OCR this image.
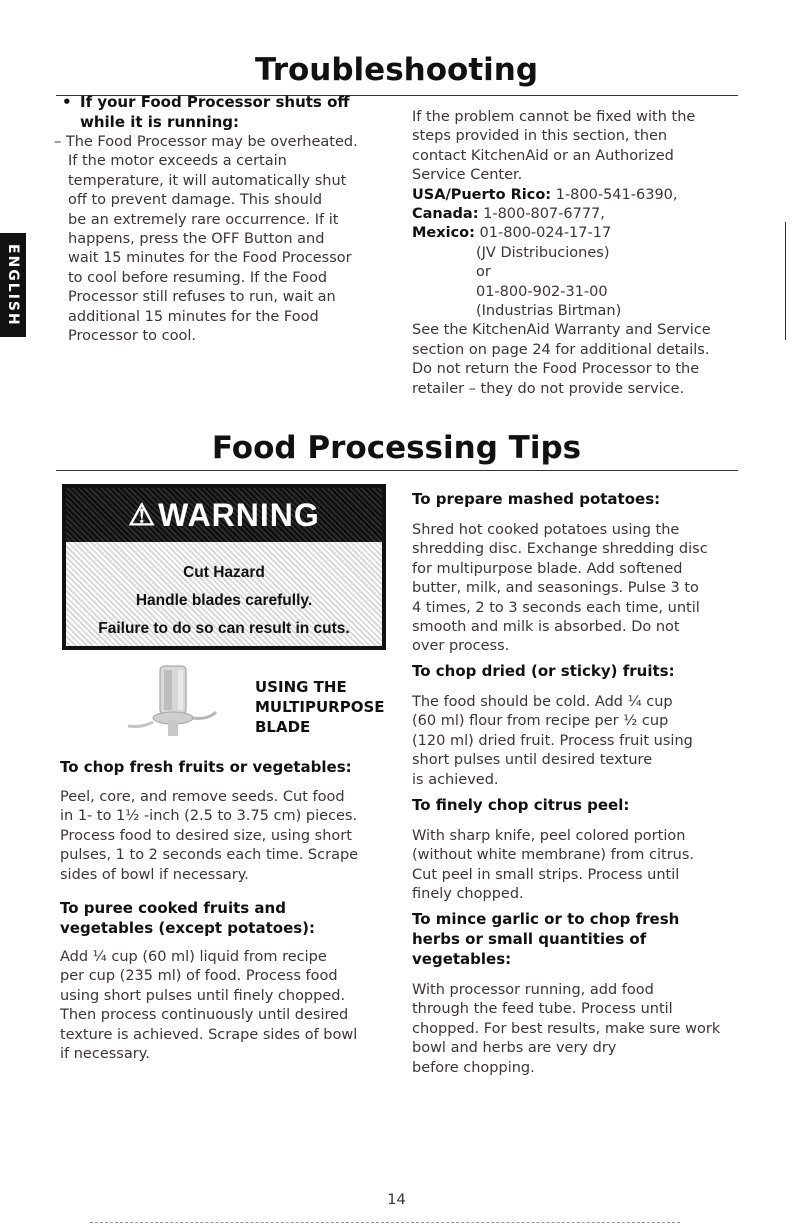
Troubleshooting
ENGLISH
• If your Food Processor shuts off

while it is running:

– The Food Processor may be overheated.

If the motor exceeds a certain

temperature, it will automatically shut

off to prevent damage. This should

be an extremely rare occurrence. If it

happens, press the OFF Button and

wait 15 minutes for the Food Processor

to cool before resuming. If the Food

Processor still refuses to run, wait an

additional 15 minutes for the Food

Processor to cool.

If the problem cannot be fixed with the

steps provided in this section, then

contact KitchenAid or an Authorized

Service Center.

USA/Puerto Rico: 1-800-541-6390,

Canada: 1-800-807-6777,

Mexico: 01-800-024-17-17

(JV Distribuciones)

or

01-800-902-31-00

(Industrias Birtman)

See the KitchenAid Warranty and Service

section on page 24 for additional details.

Do not return the Food Processor to the

retailer – they do not provide service.

Food Processing Tips
⚠ WARNING
Cut Hazard
Handle blades carefully.
Failure to do so can result in cuts.

USING THE

MULTIPURPOSE

BLADE

To chop fresh fruits or vegetables:

Peel, core, and remove seeds. Cut food

in 1- to 1½ -inch (2.5 to 3.75 cm) pieces.

Process food to desired size, using short

pulses, 1 to 2 seconds each time. Scrape

sides of bowl if necessary.

To puree cooked fruits and

vegetables (except potatoes):

Add ¼ cup (60 ml) liquid from recipe

per cup (235 ml) of food. Process food

using short pulses until finely chopped.

Then process continuously until desired

texture is achieved. Scrape sides of bowl

if necessary.

To prepare mashed potatoes:

Shred hot cooked potatoes using the

shredding disc. Exchange shredding disc

for multipurpose blade. Add softened

butter, milk, and seasonings. Pulse 3 to

4 times, 2 to 3 seconds each time, until

smooth and milk is absorbed. Do not

over process.

To chop dried (or sticky) fruits:

The food should be cold. Add ¼ cup

(60 ml) flour from recipe per ½ cup

(120 ml) dried fruit. Process fruit using

short pulses until desired texture

is achieved.

To finely chop citrus peel:

With sharp knife, peel colored portion

(without white membrane) from citrus.

Cut peel in small strips. Process until

finely chopped.

To mince garlic or to chop fresh

herbs or small quantities of

vegetables:

With processor running, add food

through the feed tube. Process until

chopped. For best results, make sure work

bowl and herbs are very dry

before chopping.

14
